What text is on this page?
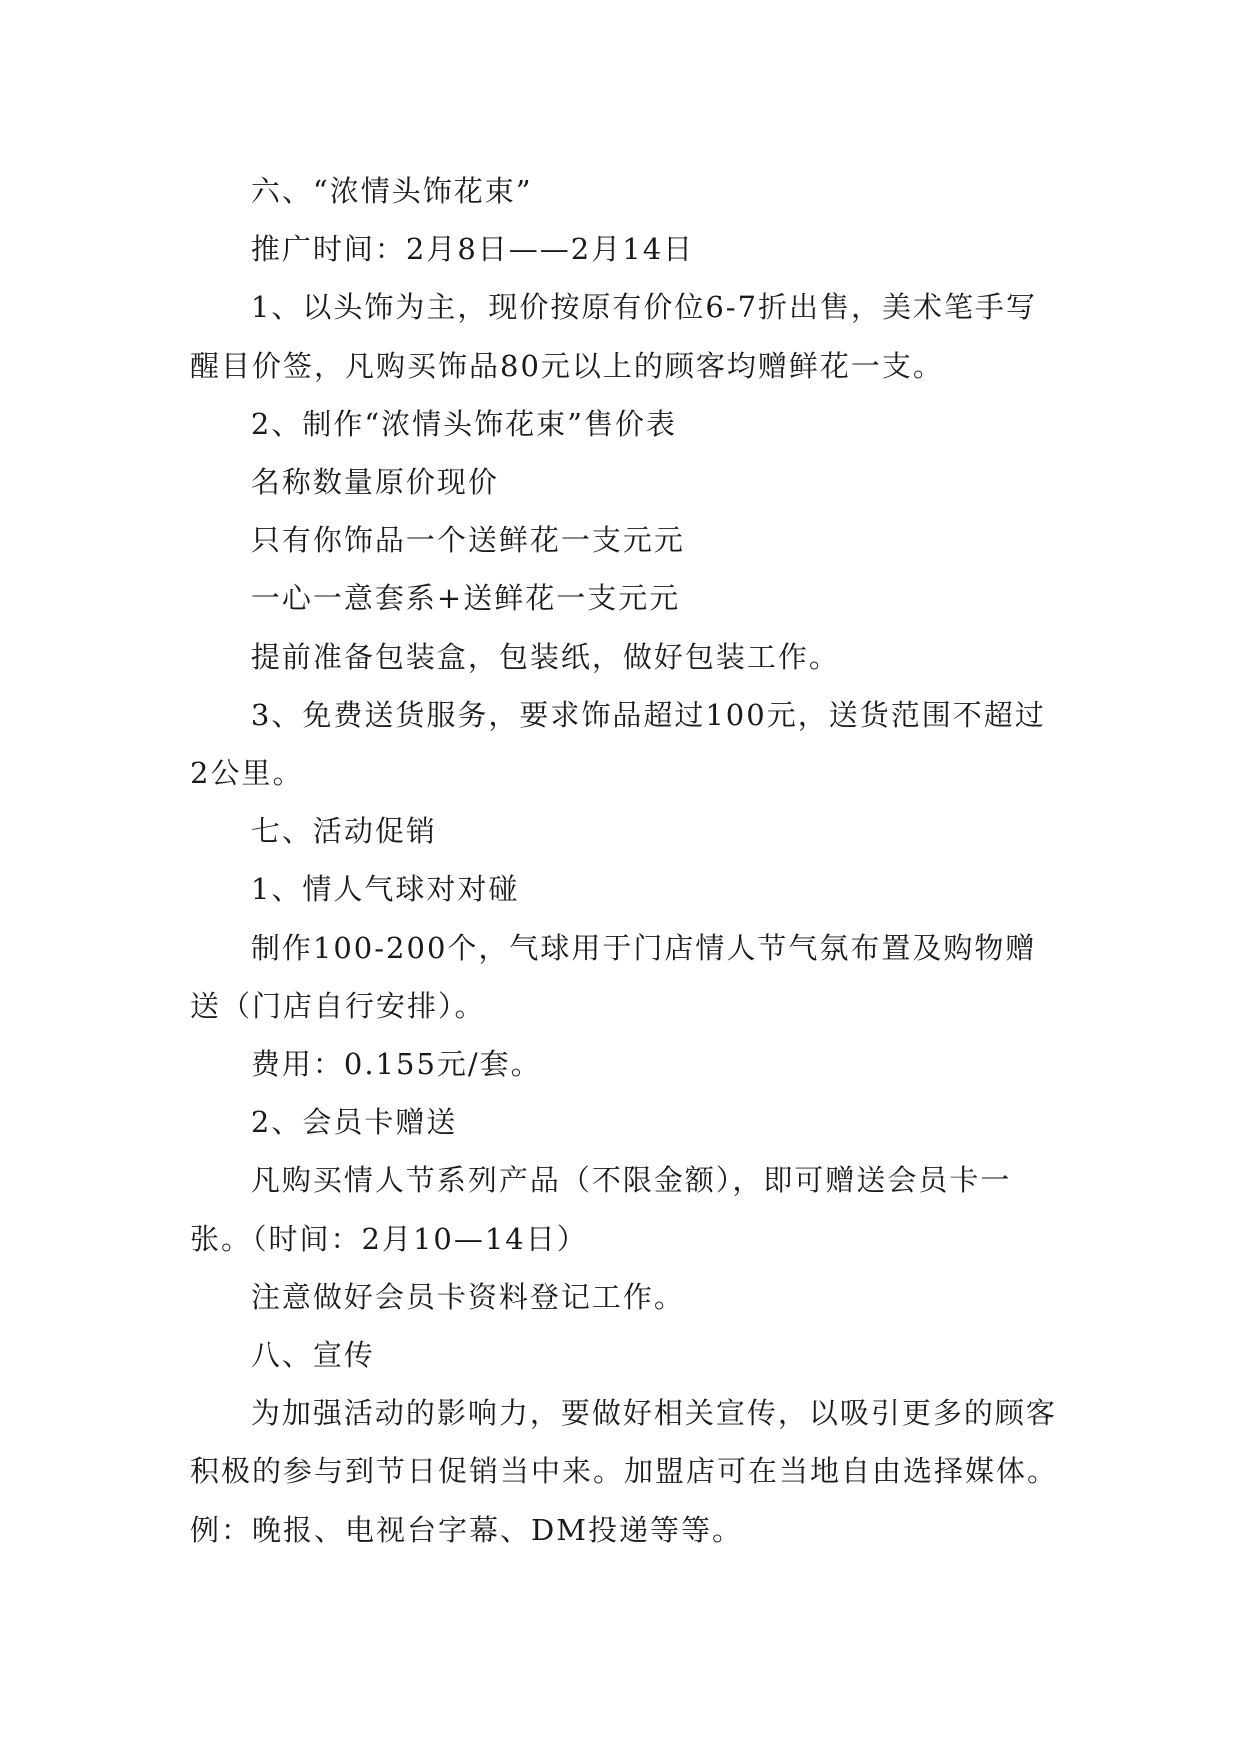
六、“浓情头饰花束”

推广时间：2月8日——2月14日

1、以头饰为主，现价按原有价位6-7折出售，美术笔手写醒目价签，凡购买饰品80元以上的顾客均赠鲜花一支。

2、制作“浓情头饰花束”售价表

名称数量原价现价

只有你饰品一个送鲜花一支元元

一心一意套系+送鲜花一支元元

提前准备包装盒，包装纸，做好包装工作。

3、免费送货服务，要求饰品超过100元，送货范围不超过2公里。

七、活动促销

1、情人气球对对碰

制作100-200个，气球用于门店情人节气氛布置及购物赠送（门店自行安排）。

费用：0.155元/套。

2、会员卡赠送

凡购买情人节系列产品（不限金额），即可赠送会员卡一张。（时间：2月10—14日）

注意做好会员卡资料登记工作。

八、宣传

为加强活动的影响力，要做好相关宣传，以吸引更多的顾客积极的参与到节日促销当中来。加盟店可在当地自由选择媒体。例：晚报、电视台字幕、DM投递等等。
